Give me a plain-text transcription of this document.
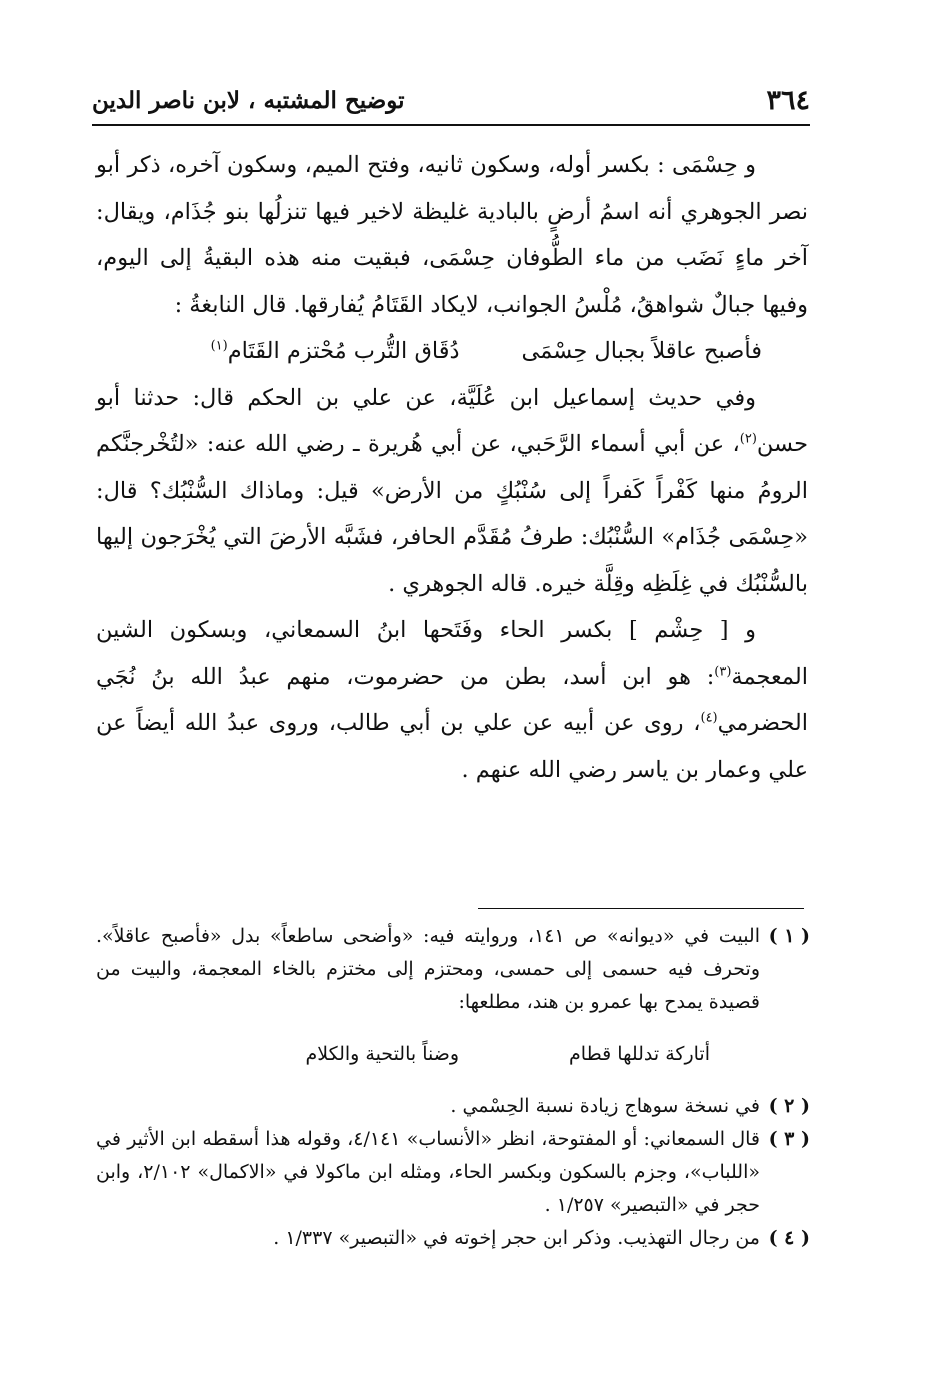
٣٦٤
توضيح المشتبه ، لابن ناصر الدين

و حِسْمَى : بكسر أوله، وسكون ثانيه، وفتح الميم، وسكون آخره، ذكر أبو نصر الجوهري أنه اسمُ أرضٍ بالبادية غليظة لاخير فيها تنزلُها بنو جُذَام، ويقال: آخر ماءٍ نَضَب من ماء الطُّوفان حِسْمَى، فبقيت منه هذه البقيةُ إلى اليوم، وفيها جبالٌ شواهقُ، مُلْسُ الجوانب، لايكاد القَتَامُ يُفارقها. قال النابغةُ :

فأصبح عاقلاً بجبال حِسْمَى
دُقَاق التُّرب مُحْتزم القَتَام$^{(١)}$

وفي حديث إسماعيل ابن عُلَيَّة، عن علي بن الحكم قال: حدثنا أبو حسن$^{(٢)}$، عن أبي أسماء الرَّحَبي، عن أبي هُريرة ـ رضي الله عنه: «لتُخْرجنَّكم الرومُ منها كَفْراً كَفراً إلى سُنْبُكٍ من الأرض» قيل: وماذاك السُّنْبُك؟ قال: «حِسْمَى جُذَام» السُّنْبُك: طرفُ مُقَدَّم الحافر، فشَبَّه الأرضَ التي يُخْرَجون إليها بالسُّنْبُك في غِلَظِه وقِلَّة خيره. قاله الجوهري .

و [ حِشْم ] بكسر الحاء وفَتَحها ابنُ السمعاني، وبسكون الشين المعجمة$^{(٣)}$: هو ابن أسد، بطن من حضرموت، منهم عبدُ الله بنُ نُجَي الحضرمي$^{(٤)}$، روى عن أبيه عن علي بن أبي طالب، وروى عبدُ الله أيضاً عن علي وعمار بن ياسر رضي الله عنهم .

( ١ )البيت في «ديوانه» ص ١٤١، وروايته فيه: «وأضحى ساطعاً» بدل «فأصبح عاقلاً». وتحرف فيه حسمى إلى حمسى، ومحتزم إلى مختزم بالخاء المعجمة، والبيت من قصيدة يمدح بها عمرو بن هند، مطلعها:

أتاركة تدللها قطام
وضناً بالتحية والكلام

( ٢ )في نسخة سوهاج زيادة نسبة الحِسْمي .

( ٣ )قال السمعاني: أو المفتوحة، انظر «الأنساب» ٤/١٤١، وقوله هذا أسقطه ابن الأثير في «اللباب»، وجزم بالسكون وبكسر الحاء، ومثله ابن ماكولا في «الاكمال» ٢/١٠٢، وابن حجر في «التبصير» ١/٢٥٧ .

( ٤ )من رجال التهذيب. وذكر ابن حجر إخوته في «التبصير» ١/٣٣٧ .
